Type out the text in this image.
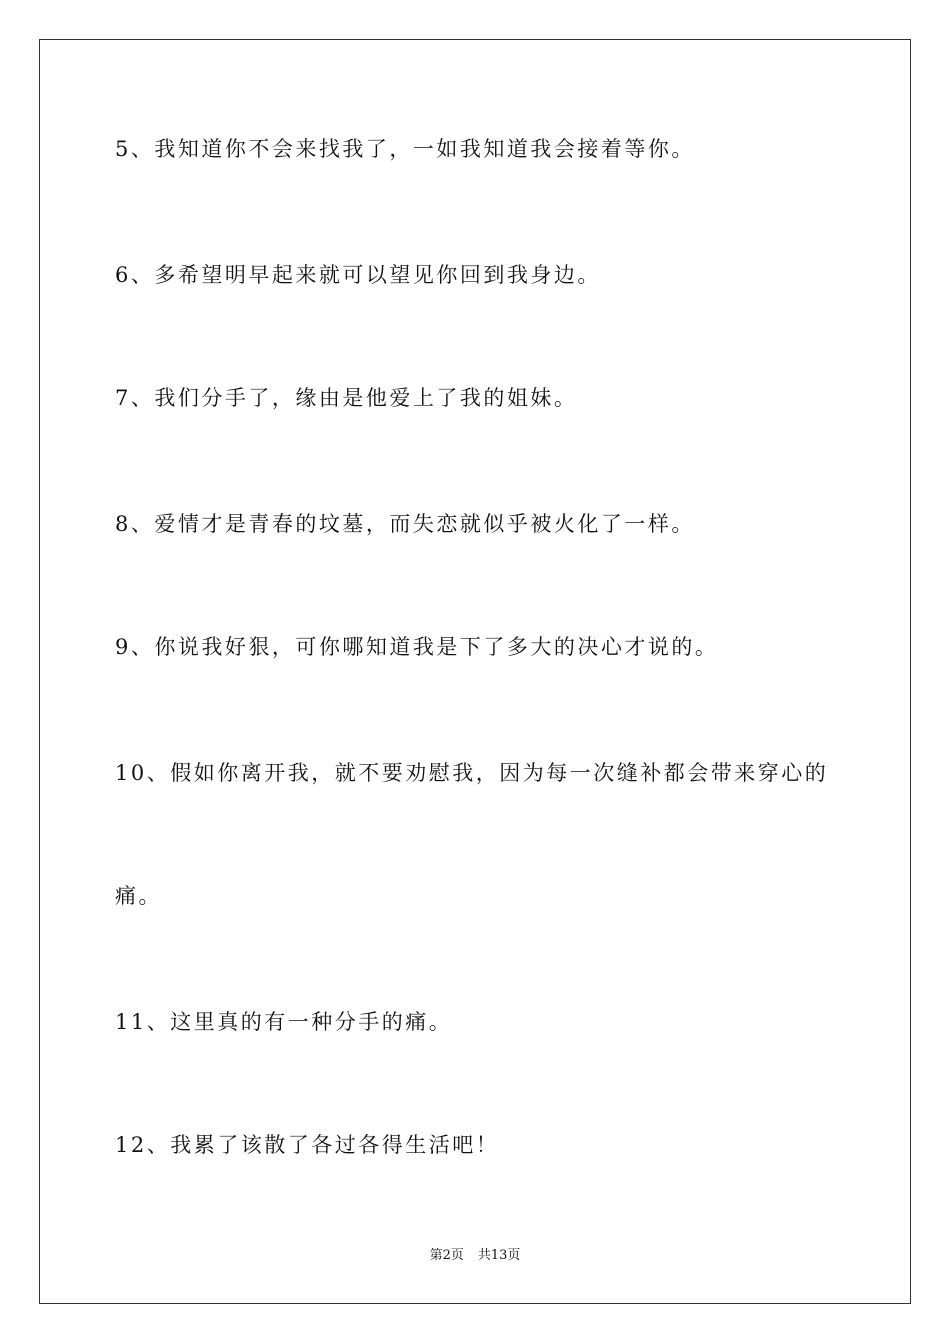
5、我知道你不会来找我了，一如我知道我会接着等你。
6、多希望明早起来就可以望见你回到我身边。
7、我们分手了，缘由是他爱上了我的姐妹。
8、爱情才是青春的坟墓，而失恋就似乎被火化了一样。
9、你说我好狠，可你哪知道我是下了多大的决心才说的。
10、假如你离开我，就不要劝慰我，因为每一次缝补都会带来穿心的
痛。
11、这里真的有一种分手的痛。
12、我累了该散了各过各得生活吧！
第2页 共13页
